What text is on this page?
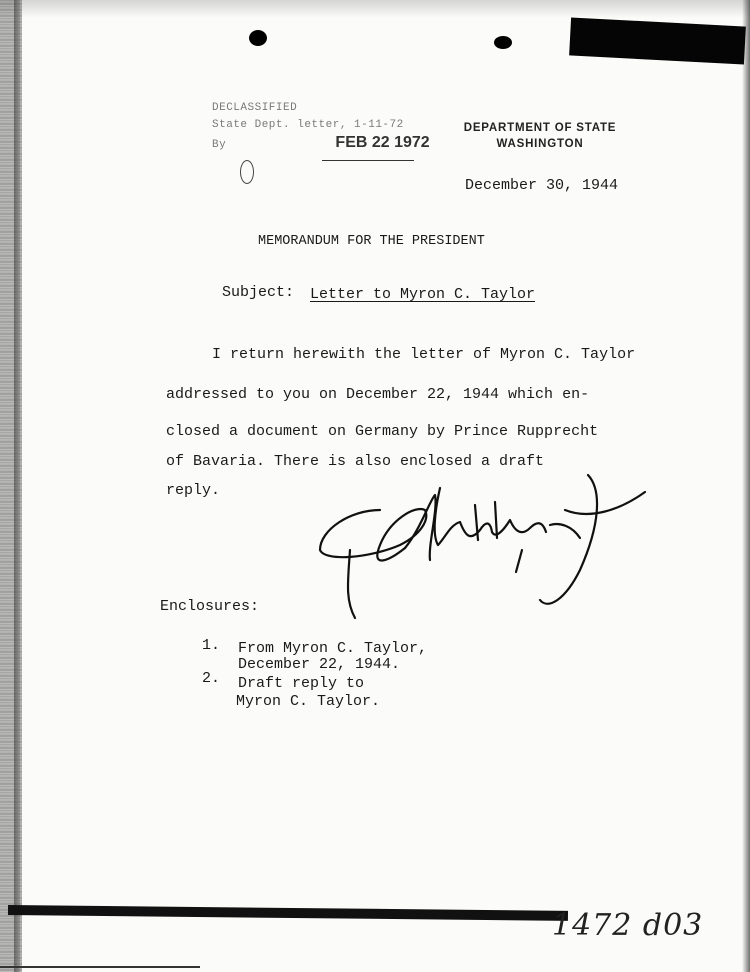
DECLASSIFIED
State Dept. letter, 1-11-72
By	FEB 22 1972
DEPARTMENT OF STATE
WASHINGTON
December 30, 1944
MEMORANDUM FOR THE PRESIDENT
Subject: Letter to Myron C. Taylor
I return herewith the letter of Myron C. Taylor
addressed to you on December 22, 1944 which en-
closed a document on Germany by Prince Rupprecht
of Bavaria. There is also enclosed a draft
reply.
Enclosures:
1. From Myron C. Taylor,
December 22, 1944.
2. Draft reply to
Myron C. Taylor.
1472 d03
